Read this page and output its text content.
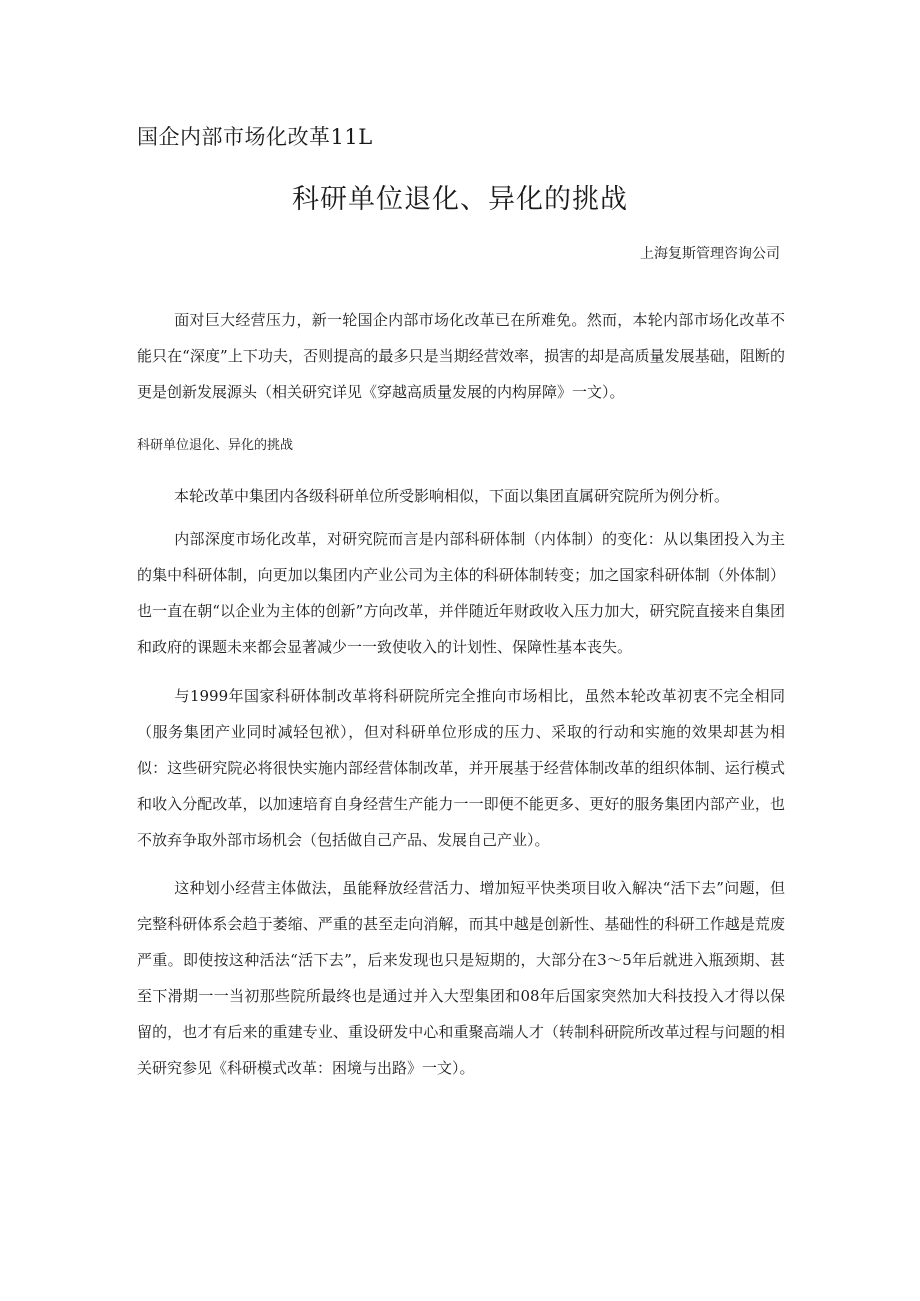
国企内部市场化改革11L
科研单位退化、异化的挑战
上海复斯管理咨询公司

面对巨大经营压力，新一轮国企内部市场化改革已在所难免。然而，本轮内部市场化改革不能只在“深度”上下功夫，否则提高的最多只是当期经营效率，损害的却是高质量发展基础，阻断的更是创新发展源头（相关研究详见《穿越高质量发展的内构屏障》一文）。

科研单位退化、异化的挑战

本轮改革中集团内各级科研单位所受影响相似，下面以集团直属研究院所为例分析。

内部深度市场化改革，对研究院而言是内部科研体制（内体制）的变化：从以集团投入为主的集中科研体制，向更加以集团内产业公司为主体的科研体制转变；加之国家科研体制（外体制）也一直在朝“以企业为主体的创新”方向改革，并伴随近年财政收入压力加大，研究院直接来自集团和政府的课题未来都会显著减少一一致使收入的计划性、保障性基本丧失。

与1999年国家科研体制改革将科研院所完全推向市场相比，虽然本轮改革初衷不完全相同（服务集团产业同时减轻包袱），但对科研单位形成的压力、采取的行动和实施的效果却甚为相似：这些研究院必将很快实施内部经营体制改革，并开展基于经营体制改革的组织体制、运行模式和收入分配改革，以加速培育自身经营生产能力一一即便不能更多、更好的服务集团内部产业，也不放弃争取外部市场机会（包括做自己产品、发展自己产业）。

这种划小经营主体做法，虽能释放经营活力、增加短平快类项目收入解决“活下去”问题，但完整科研体系会趋于萎缩、严重的甚至走向消解，而其中越是创新性、基础性的科研工作越是荒废严重。即使按这种活法“活下去”，后来发现也只是短期的，大部分在3〜5年后就进入瓶颈期、甚至下滑期一一当初那些院所最终也是通过并入大型集团和08年后国家突然加大科技投入才得以保留的，也才有后来的重建专业、重设研发中心和重聚高端人才（转制科研院所改革过程与问题的相关研究参见《科研模式改革：困境与出路》一文）。
